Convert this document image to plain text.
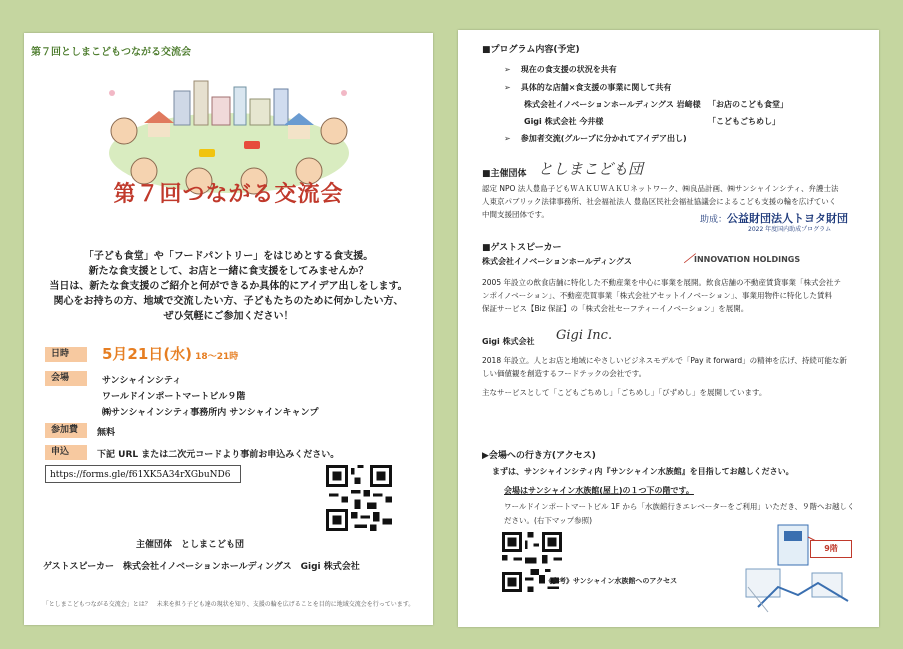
第７回としまこどもつながる交流会
第７回つながる交流会
「子ども食堂」や「フードパントリー」をはじめとする食支援。
新たな食支援として、お店と一緒に食支援をしてみませんか？
当日は、新たな食支援のご紹介と何ができるか具体的にアイデア出しをします。
関心をお持ちの方、地域で交流したい方、子どもたちのために何かしたい方、
ぜひ気軽にご参加ください！
日時	5月21日(水) 18～21時
会場	サンシャインシティ
ワールドインポートマートビル９階
㈱サンシャインシティ事務所内 サンシャインキャンプ
参加費	無料
申込	下記 URL または二次元コードより事前お申込みください。
https://forms.gle/f61XK5A34rXGbuND6
主催団体　 としまこども団
ゲストスピーカー　 株式会社イノベーションホールディングス　Gigi 株式会社
「としまこどもつながる交流会」とは？　未来を担う子ども達の現状を知り、支援の輪を広げることを目的に地域交流会を行っています。
■プログラム内容(予定)
➢ 現在の食支援の状況を共有
➢ 具体的な店舗×食支援の事業に関して共有
株式会社イノベーションホールディングス 岩﨑様 「お店のこども食堂」
Gigi 株式会社 今井様	「こどもごちめし」
➢ 参加者交流(グループに分かれてアイデア出し)
■主催団体 としまこども団
認定 NPO 法人豊島子どもＷＡＫＵＷＡＫＵネットワーク、㈱良品計画、㈱サンシャインシティ、弁護士法
人東京パブリック法律事務所、社会福祉法人 豊島区民社会福祉協議会によるこども支援の輪を広げていく
中間支援団体です。
助成：公益財団法人トヨタ財団
2022 年度国内助成プログラム
■ゲストスピーカー
株式会社イノベーションホールディングス	／INNOVATION HOLDINGS
2005 年設立の飲食店舗に特化した不動産業を中心に事業を展開。飲食店舗の不動産賃貸事業「株式会社テ
ンポイノベーション」、不動産売買事業「株式会社アセットイノベーション」、事業用物件に特化した賃料
保証サービス【Biz 保証】の「株式会社セーフティーイノベーション」を展開。
Gigi 株式会社 Gigi Inc.
2018 年設立。人とお店と地域にやさしいビジネスモデルで「Pay it forward」の精神を広げ、持続可能な新
しい価値観を創造するフードテックの会社です。
主なサービスとして「こどもごちめし」「ごちめし」「びずめし」を展開しています。
▶会場への行き方(アクセス)
まずは、サンシャインシティ内『サンシャイン水族館』を目指してお越しください。
会場はサンシャイン水族館(屋上)の１つ下の階です。
ワールドインポートマートビル 1F から「水族館行きエレベーターをご利用」いただき、９階へお越しく
ださい。(右下マップ参照)
《参考》サンシャイン水族館へのアクセス
9階
